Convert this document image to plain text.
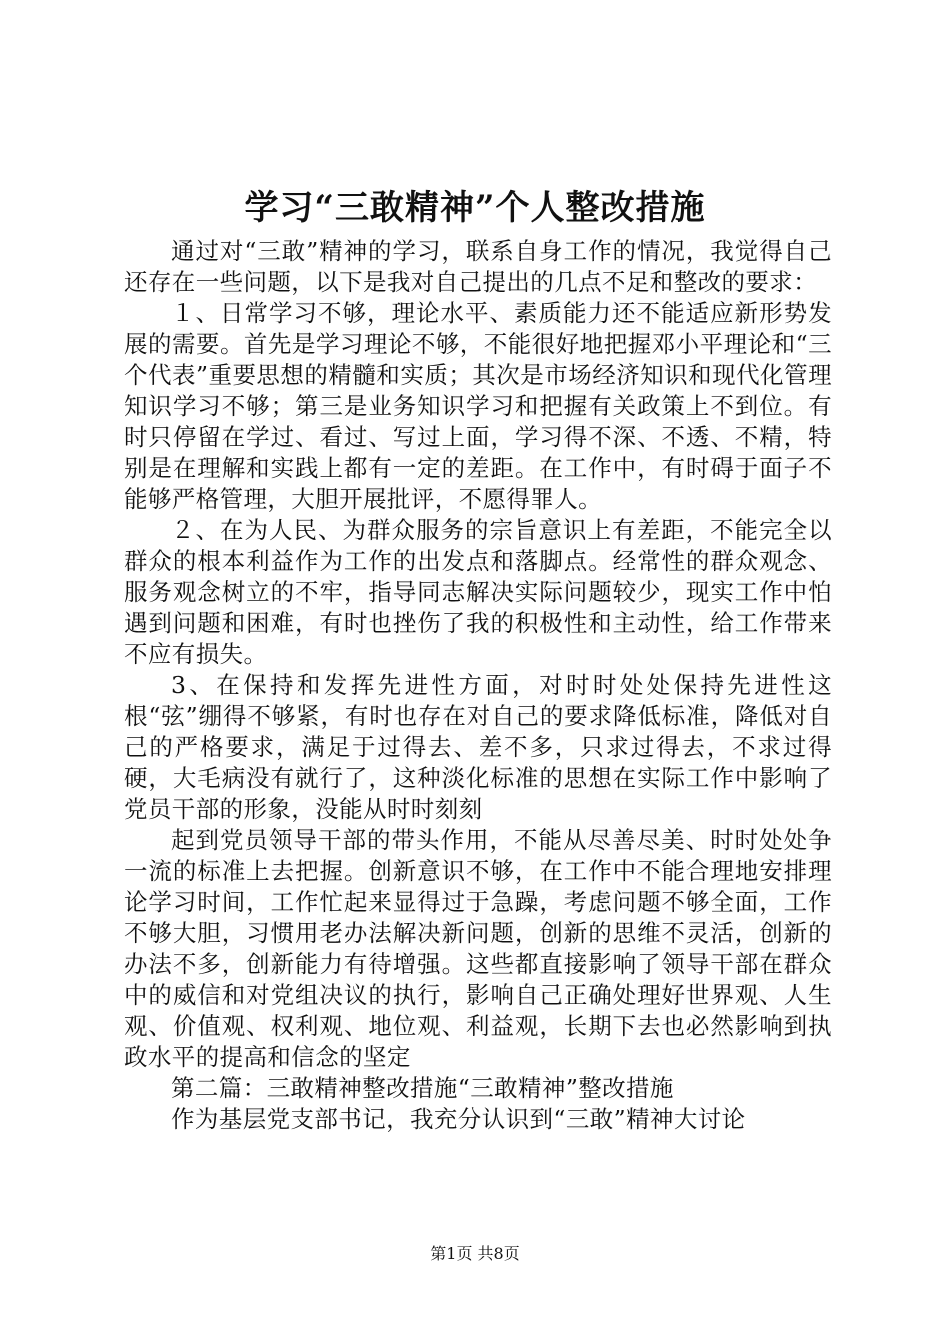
学习“三敢精神”个人整改措施

通过对“三敢”精神的学习，联系自身工作的情况，我觉得自己还存在一些问题，以下是我对自己提出的几点不足和整改的要求：

１、日常学习不够，理论水平、素质能力还不能适应新形势发展的需要。首先是学习理论不够，不能很好地把握邓小平理论和“三个代表”重要思想的精髓和实质；其次是市场经济知识和现代化管理知识学习不够；第三是业务知识学习和把握有关政策上不到位。有时只停留在学过、看过、写过上面，学习得不深、不透、不精，特别是在理解和实践上都有一定的差距。在工作中，有时碍于面子不能够严格管理，大胆开展批评，不愿得罪人。

２、在为人民、为群众服务的宗旨意识上有差距，不能完全以群众的根本利益作为工作的出发点和落脚点。经常性的群众观念、服务观念树立的不牢，指导同志解决实际问题较少，现实工作中怕遇到问题和困难，有时也挫伤了我的积极性和主动性，给工作带来不应有损失。

3、在保持和发挥先进性方面，对时时处处保持先进性这根“弦”绷得不够紧，有时也存在对自己的要求降低标准，降低对自己的严格要求，满足于过得去、差不多，只求过得去，不求过得硬，大毛病没有就行了，这种淡化标准的思想在实际工作中影响了党员干部的形象，没能从时时刻刻

起到党员领导干部的带头作用，不能从尽善尽美、时时处处争一流的标准上去把握。创新意识不够，在工作中不能合理地安排理论学习时间，工作忙起来显得过于急躁，考虑问题不够全面，工作不够大胆，习惯用老办法解决新问题，创新的思维不灵活，创新的办法不多，创新能力有待增强。这些都直接影响了领导干部在群众中的威信和对党组决议的执行，影响自己正确处理好世界观、人生观、价值观、权利观、地位观、利益观，长期下去也必然影响到执政水平的提高和信念的坚定

第二篇：三敢精神整改措施“三敢精神”整改措施

作为基层党支部书记，我充分认识到“三敢”精神大讨论

第1页 共8页
